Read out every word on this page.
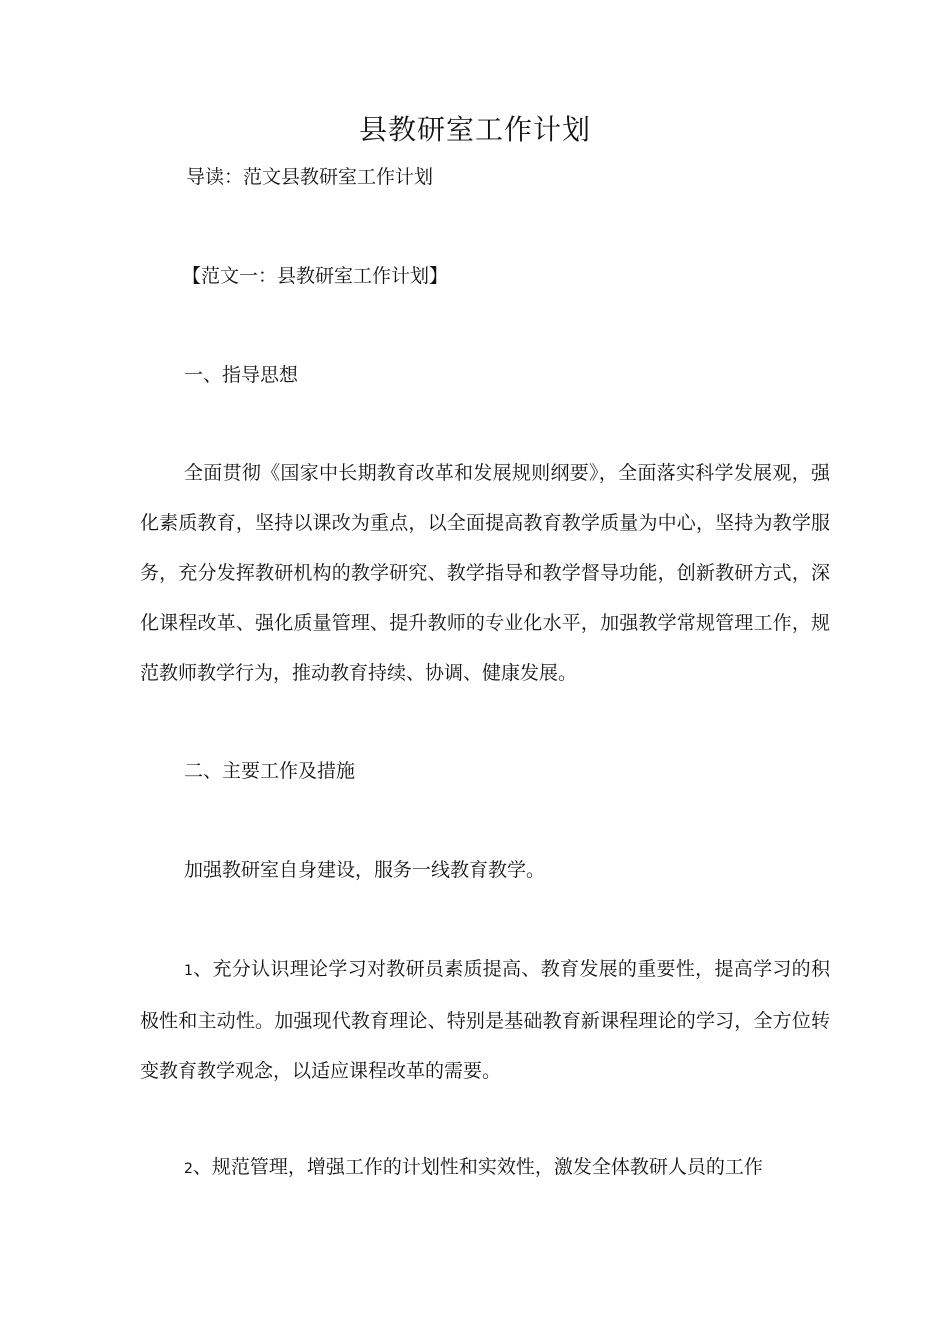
县教研室工作计划
导读：范文县教研室工作计划
【范文一：县教研室工作计划】
一、指导思想

全面贯彻《国家中长期教育改革和发展规则纲要》，全面落实科学发展观，强化素质教育，坚持以课改为重点，以全面提高教育教学质量为中心，坚持为教学服务，充分发挥教研机构的教学研究、教学指导和教学督导功能，创新教研方式，深化课程改革、强化质量管理、提升教师的专业化水平，加强教学常规管理工作，规范教师教学行为，推动教育持续、协调、健康发展。

二、主要工作及措施
加强教研室自身建设，服务一线教育教学。

1、充分认识理论学习对教研员素质提高、教育发展的重要性，提高学习的积极性和主动性。加强现代教育理论、特别是基础教育新课程理论的学习，全方位转变教育教学观念，以适应课程改革的需要。

2、规范管理，增强工作的计划性和实效性，激发全体教研人员的工作
